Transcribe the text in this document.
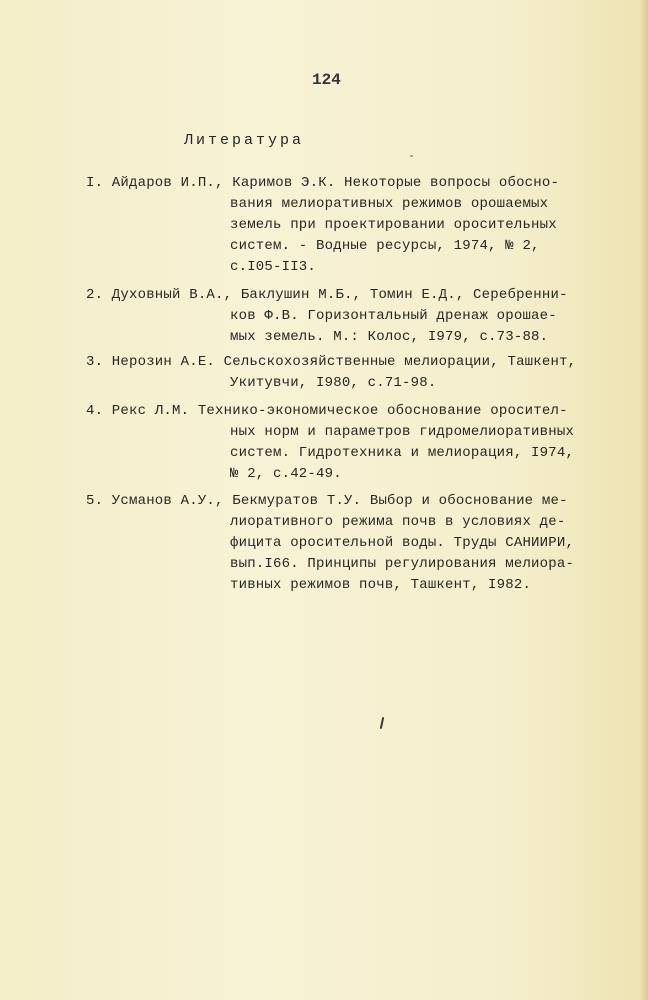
124
Литература
I. Айдаров И.П., Каримов Э.К. Некоторые вопросы обосно-
вания мелиоративных режимов орошаемых
земель при проектировании оросительных
систем. - Водные ресурсы, 1974, № 2,
с.I05-II3.
2. Духовный В.А., Баклушин М.Б., Томин Е.Д., Серебренни-
ков Ф.В. Горизонтальный дренаж орошае-
мых земель. М.: Колос, I979, с.73-88.
3. Нерозин А.Е. Сельскохозяйственные мелиорации, Ташкент,
Укитувчи, I980, с.71-98.
4. Рекс Л.М. Технико-экономическое обоснование оросител-
ных норм и параметров гидромелиоративных
систем. Гидротехника и мелиорация, I974,
№ 2, с.42-49.
5. Усманов А.У., Бекмуратов Т.У. Выбор и обоснование ме-
лиоративного режима почв в условиях де-
фицита оросительной воды. Труды САНИИРИ,
вып.I66. Принципы регулирования мелиора-
тивных режимов почв, Ташкент, I982.
